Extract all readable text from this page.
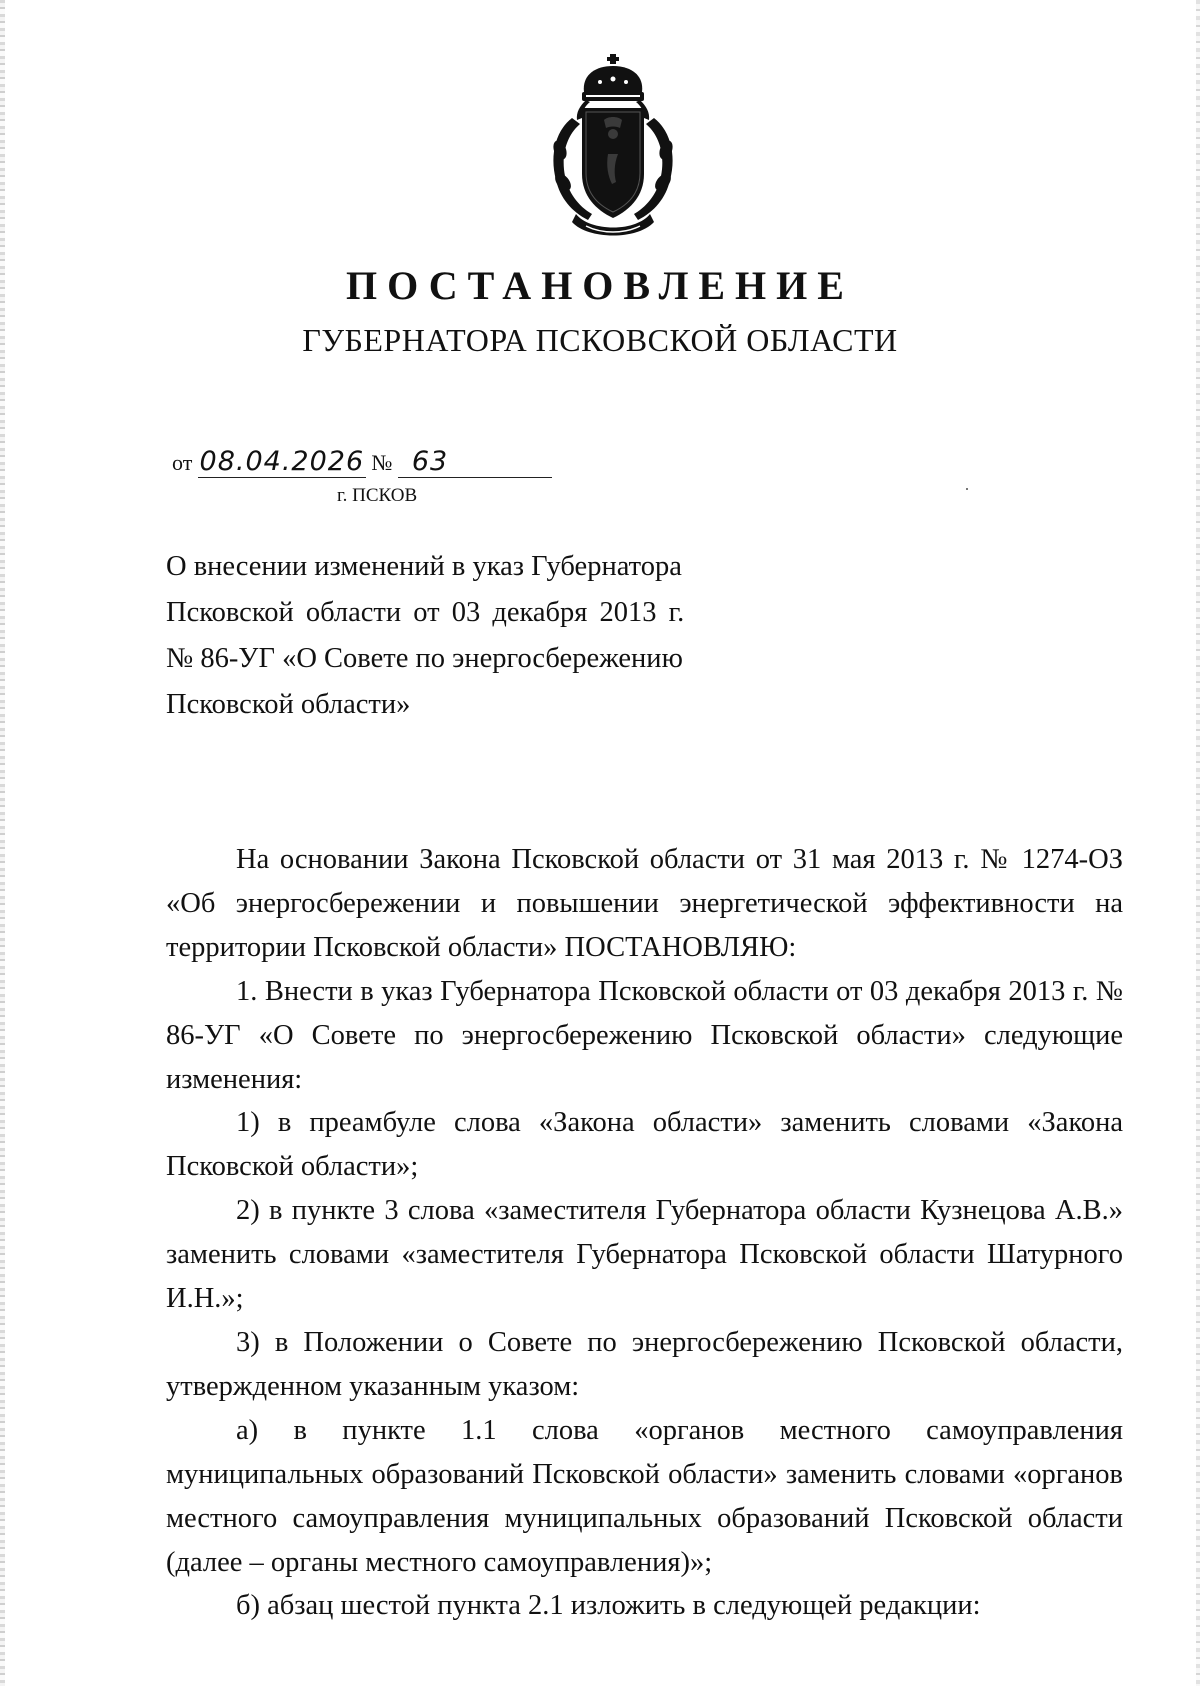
ПОСТАНОВЛЕНИЕ
ГУБЕРНАТОРА ПСКОВСКОЙ ОБЛАСТИ
от 08.04.2026 № 63
г. ПСКОВ
О внесении изменений в указ Губернатора
Псковской области от 03 декабря 2013 г.
№ 86-УГ «О Совете по энергосбережению
Псковской области»

На основании Закона Псковской области от 31 мая 2013 г. № 1274-ОЗ «Об энергосбережении и повышении энергетической эффективности на территории Псковской области» ПОСТАНОВЛЯЮ:

1. Внести в указ Губернатора Псковской области от 03 декабря 2013 г. № 86-УГ «О Совете по энергосбережению Псковской области» следующие изменения:

1) в преамбуле слова «Закона области» заменить словами «Закона Псковской области»;

2) в пункте 3 слова «заместителя Губернатора области Кузнецова А.В.» заменить словами «заместителя Губернатора Псковской области Шатурного И.Н.»;

3) в Положении о Совете по энергосбережению Псковской области, утвержденном указанным указом:

а) в пункте 1.1 слова «органов местного самоуправления муниципальных образований Псковской области» заменить словами «органов местного самоуправления муниципальных образований Псковской области (далее – органы местного самоуправления)»;

б) абзац шестой пункта 2.1 изложить в следующей редакции:
